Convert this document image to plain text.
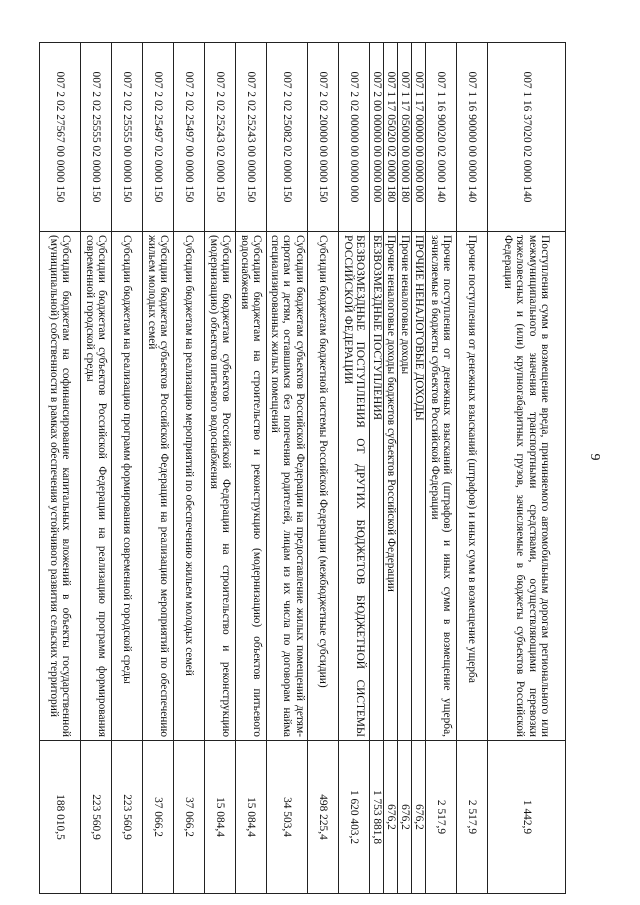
9
007 1 16 37020 02 0000 140	Поступления сумм в возмещение вреда, причиняемого автомобильным дорогам регионального или межмуниципального значения транспортными средствами, осуществляющими перевозки тяжеловесных и (или) крупногабаритных грузов, зачисляемые в бюджеты субъектов Российской Федерации	1 442,9
007 1 16 90000 00 0000 140	Прочие поступления от денежных взысканий (штрафов) и иных сумм в возмещение ущерба	2 517,9
007 1 16 90020 02 0000 140	Прочие поступления от денежных взысканий (штрафов) и иных сумм в возмещение ущерба, зачисляемые в бюджеты субъектов Российской Федерации	2 517,9
007 1 17 00000 00 0000 000	ПРОЧИЕ НЕНАЛОГОВЫЕ ДОХОДЫ	676,2
007 1 17 05000 00 0000 180	Прочие неналоговые доходы	676,2
007 1 17 05020 02 0000 180	Прочие неналоговые доходы бюджетов субъектов Российской Федерации	676,2
007 2 00 00000 00 0000 000	БЕЗВОЗМЕЗДНЫЕ ПОСТУПЛЕНИЯ	1 753 881,8
007 2 02 00000 00 0000 000	БЕЗВОЗМЕЗДНЫЕ ПОСТУПЛЕНИЯ ОТ ДРУГИХ БЮДЖЕТОВ БЮДЖЕТНОЙ СИСТЕМЫ РОССИЙСКОЙ ФЕДЕРАЦИИ	1 620 403,2
007 2 02 20000 00 0000 150	Субсидии бюджетам бюджетной системы Российской Федерации (межбюджетные субсидии)	498 225,4
007 2 02 25082 02 0000 150	Субсидии бюджетам субъектов Российской Федерации на предоставление жилых помещений детям-сиротам и детям, оставшимся без попечения родителей, лицам из их числа по договорам найма специализированных жилых помещений	34 503,4
007 2 02 25243 00 0000 150	Субсидии бюджетам на строительство и реконструкцию (модернизацию) объектов питьевого водоснабжения	15 084,4
007 2 02 25243 02 0000 150	Субсидии бюджетам субъектов Российской Федерации на строительство и реконструкцию (модернизацию) объектов питьевого водоснабжения	15 084,4
007 2 02 25497 00 0000 150	Субсидии бюджетам на реализацию мероприятий по обеспечению жильем молодых семей	37 066,2
007 2 02 25497 02 0000 150	Субсидии бюджетам субъектов Российской Федерации на реализацию мероприятий по обеспечению жильем молодых семей	37 066,2
007 2 02 25555 00 0000 150	Субсидии бюджетам на реализацию программ формирования современной городской среды	223 560,9
007 2 02 25555 02 0000 150	Субсидии бюджетам субъектов Российской Федерации на реализацию программ формирования современной городской среды	223 560,9
007 2 02 27567 00 0000 150	Субсидии бюджетам на софинансирование капитальных вложений в объекты государственной (муниципальной) собственности в рамках обеспечения устойчивого развития сельских территорий	188 010,5
